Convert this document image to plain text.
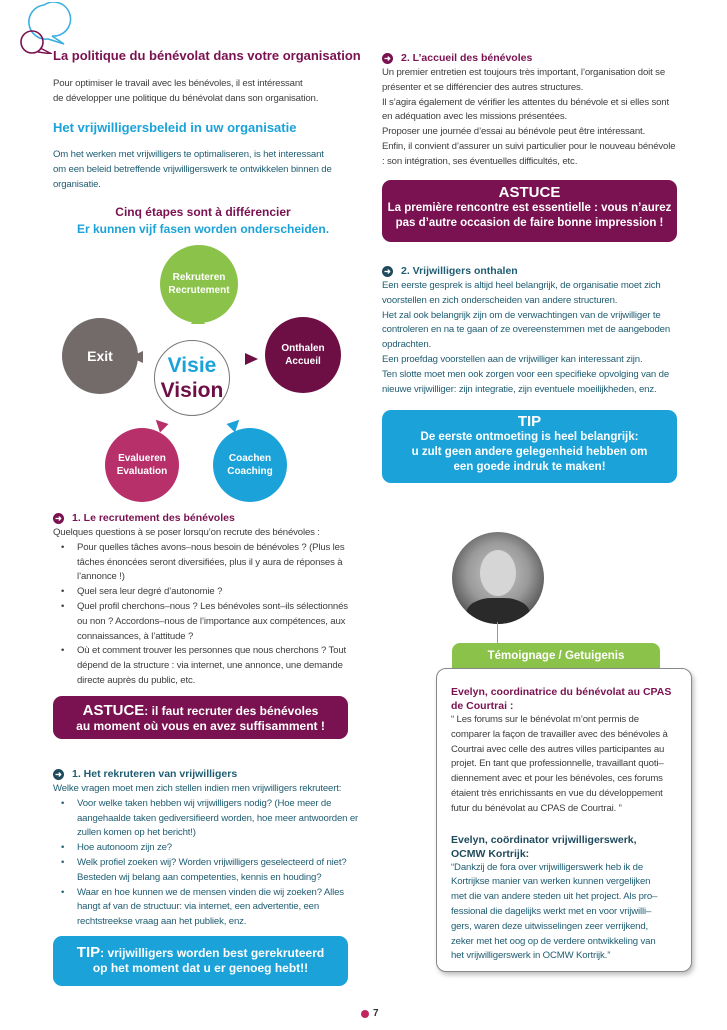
La politique du bénévolat dans votre organisation
Pour optimiser le travail avec les bénévoles, il est intéressant
de développer une politique du bénévolat dans son organisation.
Het vrijwilligersbeleid in uw organisatie
Om het werken met vrijwilligers te optimaliseren, is het interessant
om een beleid betreffende vrijwilligerswerk te ontwikkelen binnen de
organisatie.
Cinq étapes sont à différencier
Er kunnen vijf fasen worden onderscheiden.
Rekruteren
Recrutement
Onthalen
Accueil
Exit
Evalueren
Evaluation
Coachen
Coaching
Visie
Vision
➜ 1. Le recrutement des bénévoles
Quelques questions à se poser lorsqu’on recrute des bénévoles :
• Pour quelles tâches avons–nous besoin de bénévoles ? (Plus les
tâches énoncées seront diversifiées, plus il y aura de réponses à
l’annonce !)
• Quel sera leur degré d’autonomie ?
• Quel profil cherchons–nous ? Les bénévoles sont–ils sélectionnés
ou non ? Accordons–nous de l’importance aux compétences, aux
connaissances, à l’attitude ?
• Où et comment trouver les personnes que nous cherchons ? Tout
dépend de la structure : via internet, une annonce, une demande
directe auprès du public, etc.
ASTUCE: il faut recruter des bénévoles
au moment où vous en avez suffisamment !
➜ 1. Het rekruteren van vrijwilligers
Welke vragen moet men zich stellen indien men vrijwilligers rekruteert:
• Voor welke taken hebben wij vrijwilligers nodig? (Hoe meer de
aangehaalde taken gediversifieerd worden, hoe meer antwoorden er
zullen komen op het bericht!)
• Hoe autonoom zijn ze?
• Welk profiel zoeken wij? Worden vrijwilligers geselecteerd of niet?
Besteden wij belang aan competenties, kennis en houding?
• Waar en hoe kunnen we de mensen vinden die wij zoeken? Alles
hangt af van de structuur: via internet, een advertentie, een
rechtstreekse vraag aan het publiek, enz.
TIP: vrijwilligers worden best gerekruteerd
op het moment dat u er genoeg hebt!!
➜ 2. L’accueil des bénévoles
Un premier entretien est toujours très important, l’organisation doit se
présenter et se différencier des autres structures.
Il s’agira également de vérifier les attentes du bénévole et si elles sont
en adéquation avec les missions présentées.
Proposer une journée d’essai au bénévole peut être intéressant.
Enfin, il convient d’assurer un suivi particulier pour le nouveau bénévole
: son intégration, ses éventuelles difficultés, etc.
ASTUCE
La première rencontre est essentielle : vous n’aurez
pas d’autre occasion de faire bonne impression !
➜ 2. Vrijwilligers onthalen
Een eerste gesprek is altijd heel belangrijk, de organisatie moet zich
voorstellen en zich onderscheiden van andere structuren.
Het zal ook belangrijk zijn om de verwachtingen van de vrijwilliger te
controleren en na te gaan of ze overeenstemmen met de aangeboden
opdrachten.
Een proefdag voorstellen aan de vrijwilliger kan interessant zijn.
Ten slotte moet men ook zorgen voor een specifieke opvolging van de
nieuwe vrijwilliger: zijn integratie, zijn eventuele moeilijkheden, enz.
TIP
De eerste ontmoeting is heel belangrijk:
u zult geen andere gelegenheid hebben om
een goede indruk te maken!
Témoignage / Getuigenis
Evelyn, coordinatrice du bénévolat au CPAS
de Courtrai :
“ Les forums sur le bénévolat m’ont permis de
comparer la façon de travailler avec des bénévoles à
Courtrai avec celle des autres villes participantes au
projet. En tant que professionnelle, travaillant quoti–
diennement avec et pour les bénévoles, ces forums
étaient très enrichissants en vue du développement
futur du bénévolat au CPAS de Courtrai. ”
Evelyn, coördinator vrijwilligerswerk,
OCMW Kortrijk:
“Dankzij de fora over vrijwilligerswerk heb ik de
Kortrijkse manier van werken kunnen vergelijken
met die van andere steden uit het project. Als pro–
fessional die dagelijks werkt met en voor vrijwilli–
gers, waren deze uitwisselingen zeer verrijkend,
zeker met het oog op de verdere ontwikkeling van
het vrijwilligerswerk in OCMW Kortrijk.”
7
